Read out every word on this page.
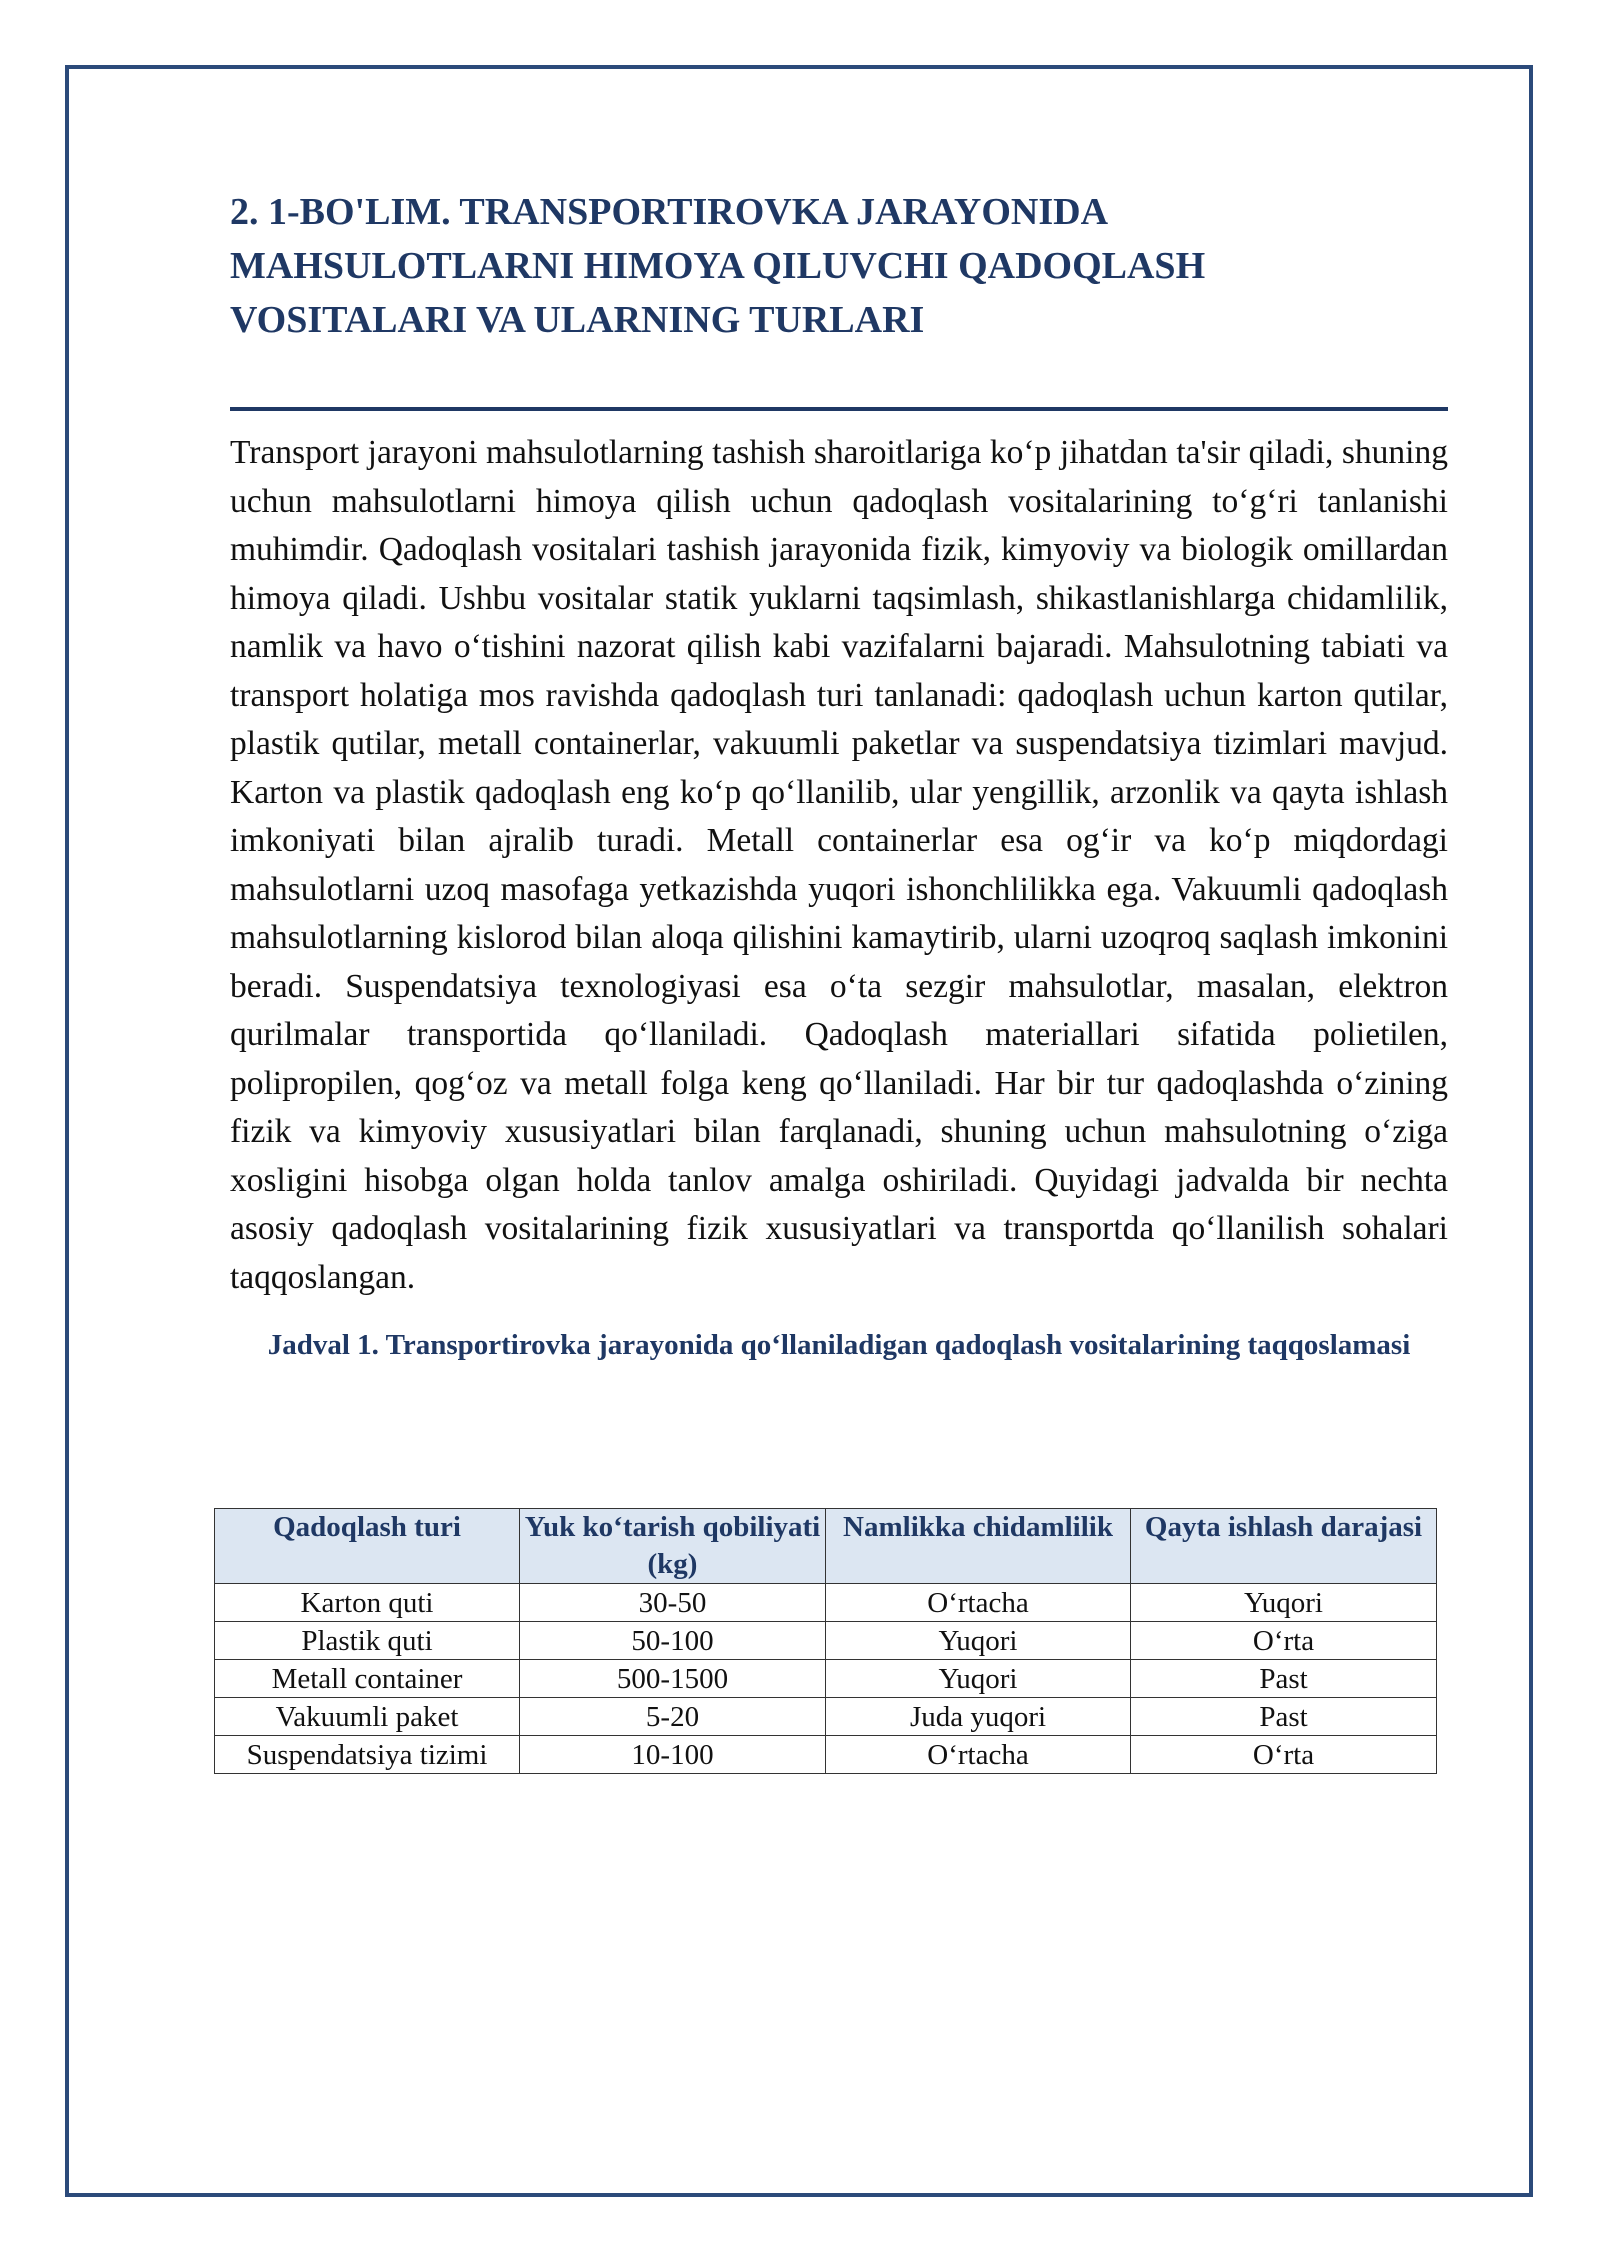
2. 1-BO'LIM. TRANSPORTIROVKA JARAYONIDA
MAHSULOTLARNI HIMOYA QILUVCHI QADOQLASH
VOSITALARI VA ULARNING TURLARI

Transport jarayoni mahsulotlarning tashish sharoitlariga koʻp jihatdan ta'sir qiladi, shuning uchun mahsulotlarni himoya qilish uchun qadoqlash vositalarining toʻgʻri tanlanishi muhimdir. Qadoqlash vositalari tashish jarayonida fizik, kimyoviy va biologik omillardan himoya qiladi. Ushbu vositalar statik yuklarni taqsimlash, shikastlanishlarga chidamlilik, namlik va havo oʻtishini nazorat qilish kabi vazifalarni bajaradi. Mahsulotning tabiati va transport holatiga mos ravishda qadoqlash turi tanlanadi: qadoqlash uchun karton qutilar, plastik qutilar, metall containerlar, vakuumli paketlar va suspendatsiya tizimlari mavjud. Karton va plastik qadoqlash eng koʻp qoʻllanilib, ular yengillik, arzonlik va qayta ishlash imkoniyati bilan ajralib turadi. Metall containerlar esa ogʻir va koʻp miqdordagi mahsulotlarni uzoq masofaga yetkazishda yuqori ishonchlilikka ega. Vakuumli qadoqlash mahsulotlarning kislorod bilan aloqa qilishini kamaytirib, ularni uzoqroq saqlash imkonini beradi. Suspendatsiya texnologiyasi esa oʻta sezgir mahsulotlar, masalan, elektron qurilmalar transportida qoʻllaniladi. Qadoqlash materiallari sifatida polietilen, polipropilen, qogʻoz va metall folga keng qoʻllaniladi. Har bir tur qadoqlashda oʻzining fizik va kimyoviy xususiyatlari bilan farqlanadi, shuning uchun mahsulotning oʻziga xosligini hisobga olgan holda tanlov amalga oshiriladi. Quyidagi jadvalda bir nechta asosiy qadoqlash vositalarining fizik xususiyatlari va transportda qoʻllanilish sohalari taqqoslangan.

Jadval 1. Transportirovka jarayonida qoʻllaniladigan qadoqlash vositalarining taqqoslamasi

Qadoqlash turi	Yuk koʻtarish qobiliyati (kg)	Namlikka chidamlilik	Qayta ishlash darajasi
Karton quti	30-50	Oʻrtacha	Yuqori
Plastik quti	50-100	Yuqori	Oʻrta
Metall container	500-1500	Yuqori	Past
Vakuumli paket	5-20	Juda yuqori	Past
Suspendatsiya tizimi	10-100	Oʻrtacha	Oʻrta
